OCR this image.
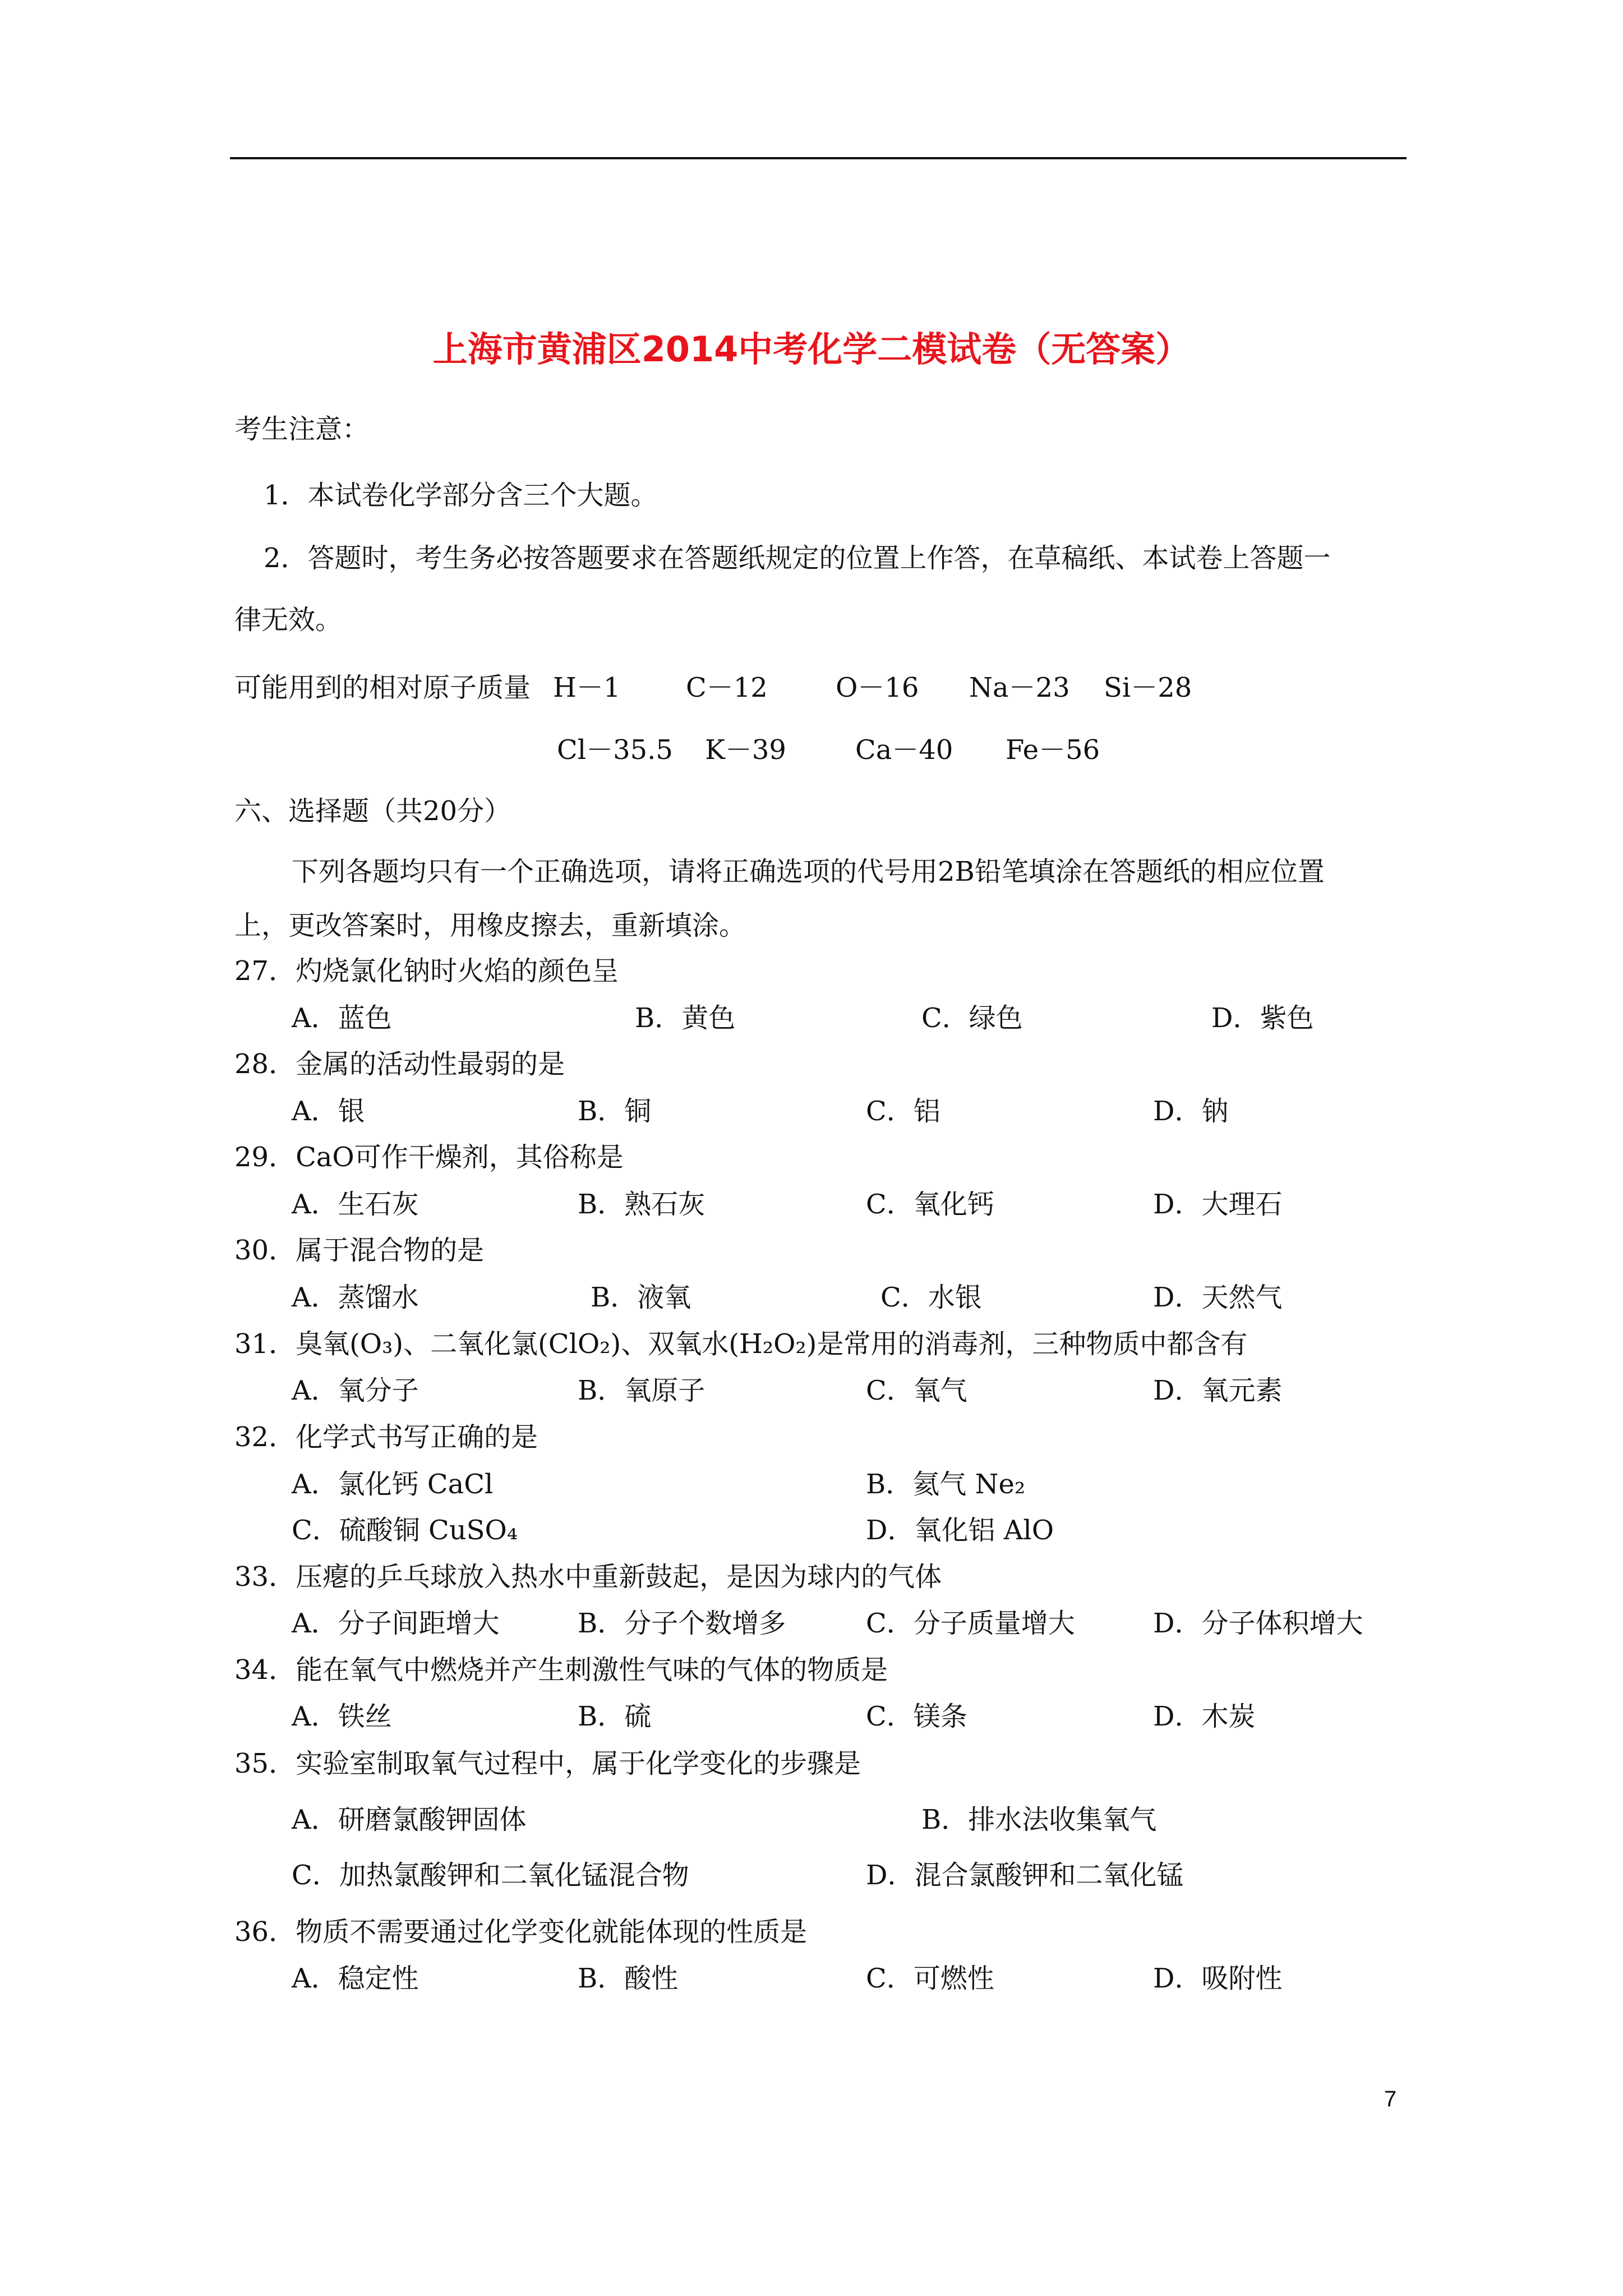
上海市黄浦区2014中考化学二模试卷（无答案）
考生注意：
1．本试卷化学部分含三个大题。
2．答题时，考生务必按答题要求在答题纸规定的位置上作答，在草稿纸、本试卷上答题一
律无效。
可能用到的相对原子质量 H－1 C－12	O－16 Na－23 Si－28
Cl－35.5 K－39	Ca－40 Fe－56
六、选择题（共20分）
下列各题均只有一个正确选项，请将正确选项的代号用2B铅笔填涂在答题纸的相应位置
上，更改答案时，用橡皮擦去，重新填涂。
27．灼烧氯化钠时火焰的颜色呈
A．蓝色	B．黄色	C．绿色	D．紫色
28．金属的活动性最弱的是
A．银	B．铜	C．铝	D．钠
29．CaO可作干燥剂，其俗称是
A．生石灰	B．熟石灰	C．氧化钙	D．大理石
30．属于混合物的是
A．蒸馏水	B．液氧	C．水银	D．天然气
31．臭氧(O₃)、二氧化氯(ClO₂)、双氧水(H₂O₂)是常用的消毒剂，三种物质中都含有
A．氧分子	B．氧原子	C．氧气	D．氧元素
32．化学式书写正确的是
A．氯化钙 CaCl	B．氦气 Ne₂
C．硫酸铜 CuSO₄	D．氧化铝 AlO
33．压瘪的乒乓球放入热水中重新鼓起，是因为球内的气体
A．分子间距增大	B．分子个数增多	C．分子质量增大	D．分子体积增大
34．能在氧气中燃烧并产生刺激性气味的气体的物质是
A．铁丝	B．硫	C．镁条	D．木炭
35．实验室制取氧气过程中，属于化学变化的步骤是
A．研磨氯酸钾固体	B．排水法收集氧气
C．加热氯酸钾和二氧化锰混合物	D．混合氯酸钾和二氧化锰
36．物质不需要通过化学变化就能体现的性质是
A．稳定性	B．酸性	C．可燃性	D．吸附性
7
